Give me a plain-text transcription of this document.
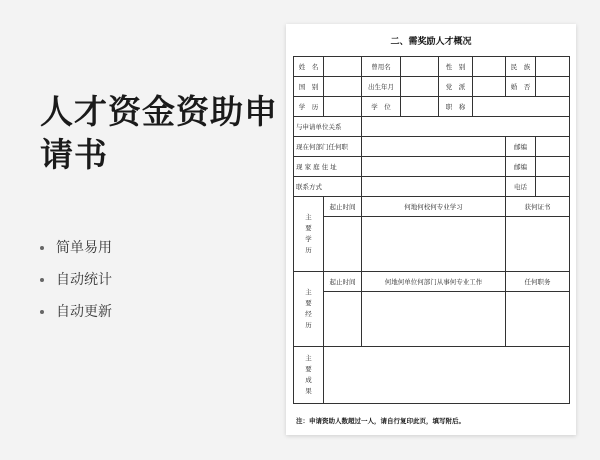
人才资金资助申
请书
简单易用
自动统计
自动更新
二、需奖励人才概况
姓　名		曾用名		性　别		民　族	
国　别		出生年月		党　派		婚　否	
学　历		学　位		职　称			
与申请单位关系							
现在何部门任何职						邮编	
现 家 庭 住 址						邮编	
联系方式						电话	
主要学历	起止时间	何地何校何专业学习				获何证书	

主要经历	起止时间	何地何单位何部门从事何专业工作				任何职务	

主要成果							
注：申请资助人数超过一人，请自行复印此页，填写附后。
